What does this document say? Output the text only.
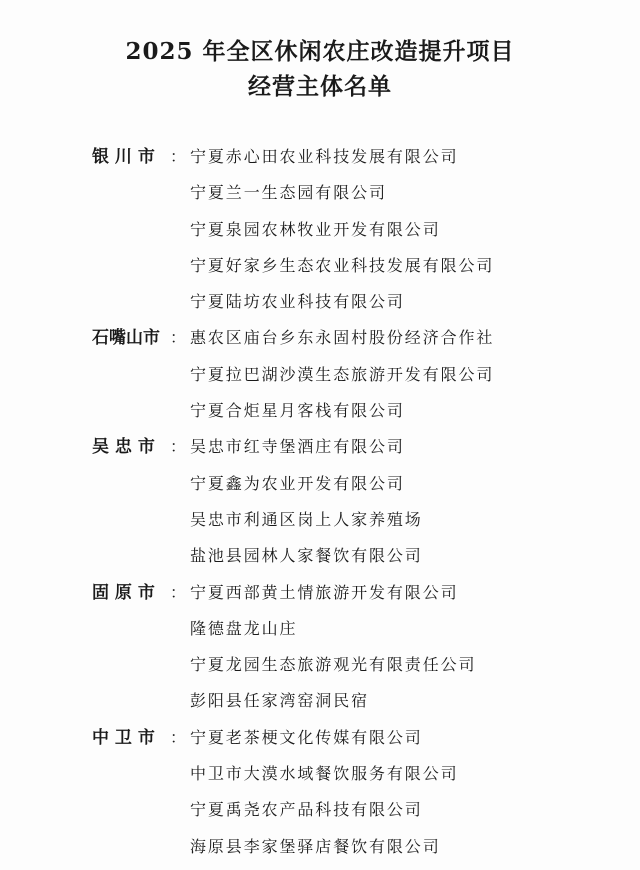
2025 年全区休闲农庄改造提升项目
经营主体名单
银 川 市 ： 宁夏赤心田农业科技发展有限公司
宁夏兰一生态园有限公司
宁夏泉园农林牧业开发有限公司
宁夏好家乡生态农业科技发展有限公司
宁夏陆坊农业科技有限公司
石嘴山市 ： 惠农区庙台乡东永固村股份经济合作社
宁夏拉巴湖沙漠生态旅游开发有限公司
宁夏合炬星月客栈有限公司
吴 忠 市 ： 吴忠市红寺堡酒庄有限公司
宁夏鑫为农业开发有限公司
吴忠市利通区岗上人家养殖场
盐池县园林人家餐饮有限公司
固 原 市 ： 宁夏西部黄土情旅游开发有限公司
隆德盘龙山庄
宁夏龙园生态旅游观光有限责任公司
彭阳县任家湾窑洞民宿
中 卫 市 ： 宁夏老茶梗文化传媒有限公司
中卫市大漠水域餐饮服务有限公司
宁夏禹尧农产品科技有限公司
海原县李家堡驿店餐饮有限公司
